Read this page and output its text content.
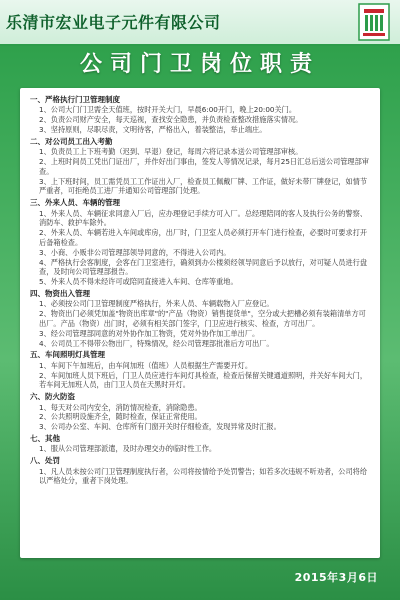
乐清市宏业电子元件有限公司
公司门卫岗位职责
一、严格执行门卫管理制度
1、公司大门门卫需全天值班，按时开关大门，早晨6:00开门，晚上20:00关门。
2、负责公司财产安全，每天巡视，查找安全隐患，并负责检查整改措施落实情况。
3、坚持原则，尽职尽责，文明待客，严格出入，着装整洁，举止端庄。
二、对公司员工出入考勤
1、负责员工上下班考勤（迟到、早退）登记，每周六将记录本送公司管理部审核。
2、上班时间员工凭出门证出厂，并作好出门事由，签发人等情况记录，每月25日汇总后送公司管理部审查。
3、上下班时间，员工需凭员工工作证出入厂，检查员工佩戴厂牌、工作证，做好未带厂牌登记，如情节严重者，可拒绝员工进厂并通知公司管理部门处理。
三、外来人员、车辆的管理
1、外来人员、车辆征求同意入厂后，应办理登记手续方可入厂。总经理陪同的客人及执行公务的警察、消防车、救护车除外。
2、外来人员、车辆若进入车间或库房，出厂时，门卫室人员必须打开车门进行检查，必要时可要求打开后备箱检查。
3、小商、小贩非公司管理部领导同意的，不得进入公司内。
4、严格执行会客制度，会客在门卫室进行，确须到办公楼须经领导同意后予以放行，对可疑人员进行盘查，及时向公司管理部报告。
5、外来人员不得未经许可或陪同直接进入车间、仓库等重地。
四、物资出入管理
1、必须按公司门卫管理制度严格执行，外来人员、车辆载物入厂应登记。
2、物资出门必须凭加盖"物资出库章"的"产品（物资）销售提货单"，空分或大把槽必须有装箱清单方可出厂。产品（物资）出门时，必须有相关部门签字，门卫应进行核实、检查，方可出厂。
3、经公司管理部同意的对外协作加工物资，凭对外协作加工单出厂。
4、公司员工不得带公物出厂，特殊情况，经公司管理部批准后方可出厂。
五、车间照明灯具管理
1、车间下午加班后，由车间加班（值班）人员根据生产需要开灯。
2、车间加班人员下班后，门卫人员应进行车间灯具检查，检查后保留关键通道照明，并关好车间大门，若车间无加班人员，由门卫人员在天黑时开灯。
六、防火防盗
1、每天对公司内安全，消防情况检查，消除隐患。
2、公共照明设施齐全，随时检查，保证正常使用。
3、公司办公室、车间、仓库所有门窗开关时仔细检查，发现异常及时汇报。
七、其他
1、服从公司管理部派遣，及时办理交办的临时性工作。
八、处罚
1、凡人员未按公司门卫管理制度执行者，公司将按情给予处罚警告；如若多次违规不听劝者，公司将给以严格处分，重者下岗处理。
2015年3月6日
